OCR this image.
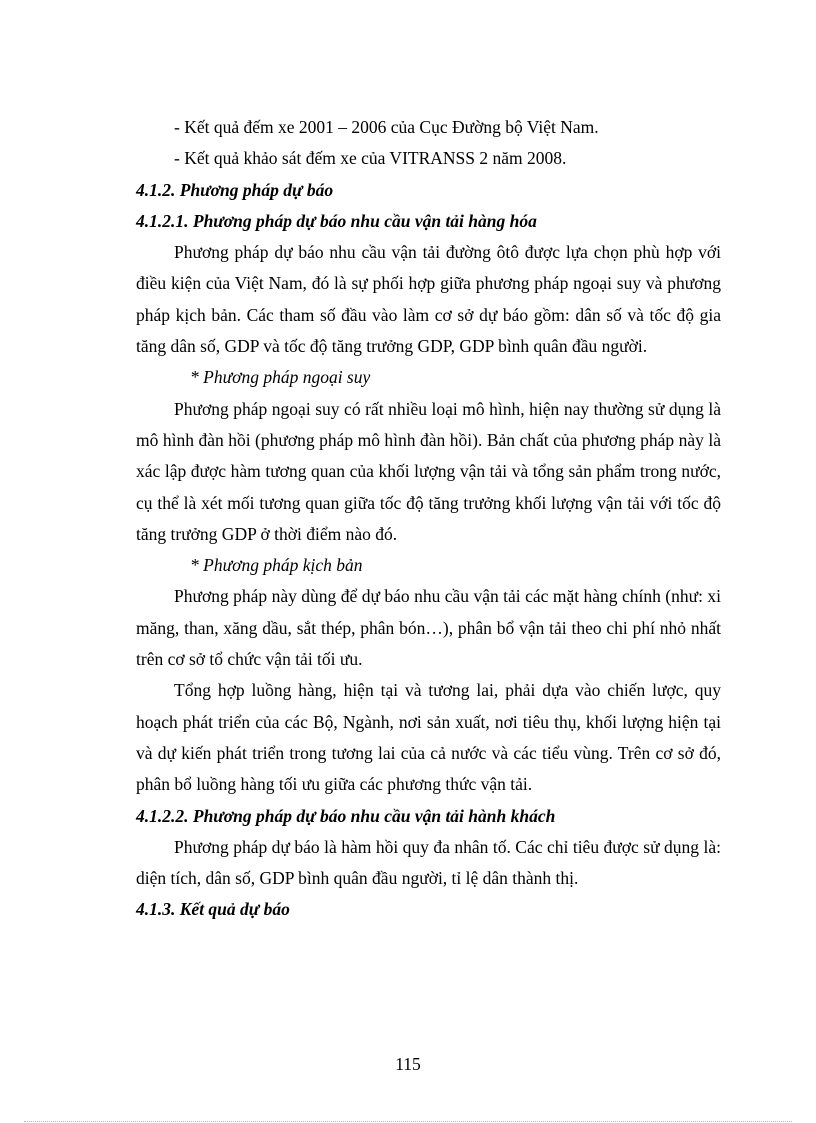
- Kết quả đếm xe 2001 – 2006 của Cục Đường bộ Việt Nam.

- Kết quả khảo sát đếm xe của VITRANSS 2 năm 2008.

4.1.2. Phương pháp dự báo

4.1.2.1. Phương pháp dự báo nhu cầu vận tải hàng hóa

Phương pháp dự báo nhu cầu vận tải đường ôtô được lựa chọn phù hợp với điều kiện của Việt Nam, đó là sự phối hợp giữa phương pháp ngoại suy và phương pháp kịch bản. Các tham số đầu vào làm cơ sở dự báo gồm: dân số và tốc độ gia tăng dân số, GDP và tốc độ tăng trưởng GDP, GDP bình quân đầu người.

* Phương pháp ngoại suy

Phương pháp ngoại suy có rất nhiều loại mô hình, hiện nay thường sử dụng là mô hình đàn hồi (phương pháp mô hình đàn hồi). Bản chất của phương pháp này là xác lập được hàm tương quan của khối lượng vận tải và tổng sản phẩm trong nước, cụ thể là xét mối tương quan giữa tốc độ tăng trưởng khối lượng vận tải với tốc độ tăng trưởng GDP ở thời điểm nào đó.

* Phương pháp kịch bản

Phương pháp này dùng để dự báo nhu cầu vận tải các mặt hàng chính (như: xi măng, than, xăng dầu, sắt thép, phân bón…), phân bổ vận tải theo chi phí nhỏ nhất trên cơ sở tổ chức vận tải tối ưu.

Tổng hợp luồng hàng, hiện tại và tương lai, phải dựa vào chiến lược, quy hoạch phát triển của các Bộ, Ngành, nơi sản xuất, nơi tiêu thụ, khối lượng hiện tại và dự kiến phát triển trong tương lai của cả nước và các tiểu vùng. Trên cơ sở đó, phân bổ luồng hàng tối ưu giữa các phương thức vận tải.

4.1.2.2. Phương pháp dự báo nhu cầu vận tải hành khách

Phương pháp dự báo là hàm hồi quy đa nhân tố. Các chỉ tiêu được sử dụng là: diện tích, dân số, GDP bình quân đầu người, tỉ lệ dân thành thị.

4.1.3. Kết quả dự báo

115
